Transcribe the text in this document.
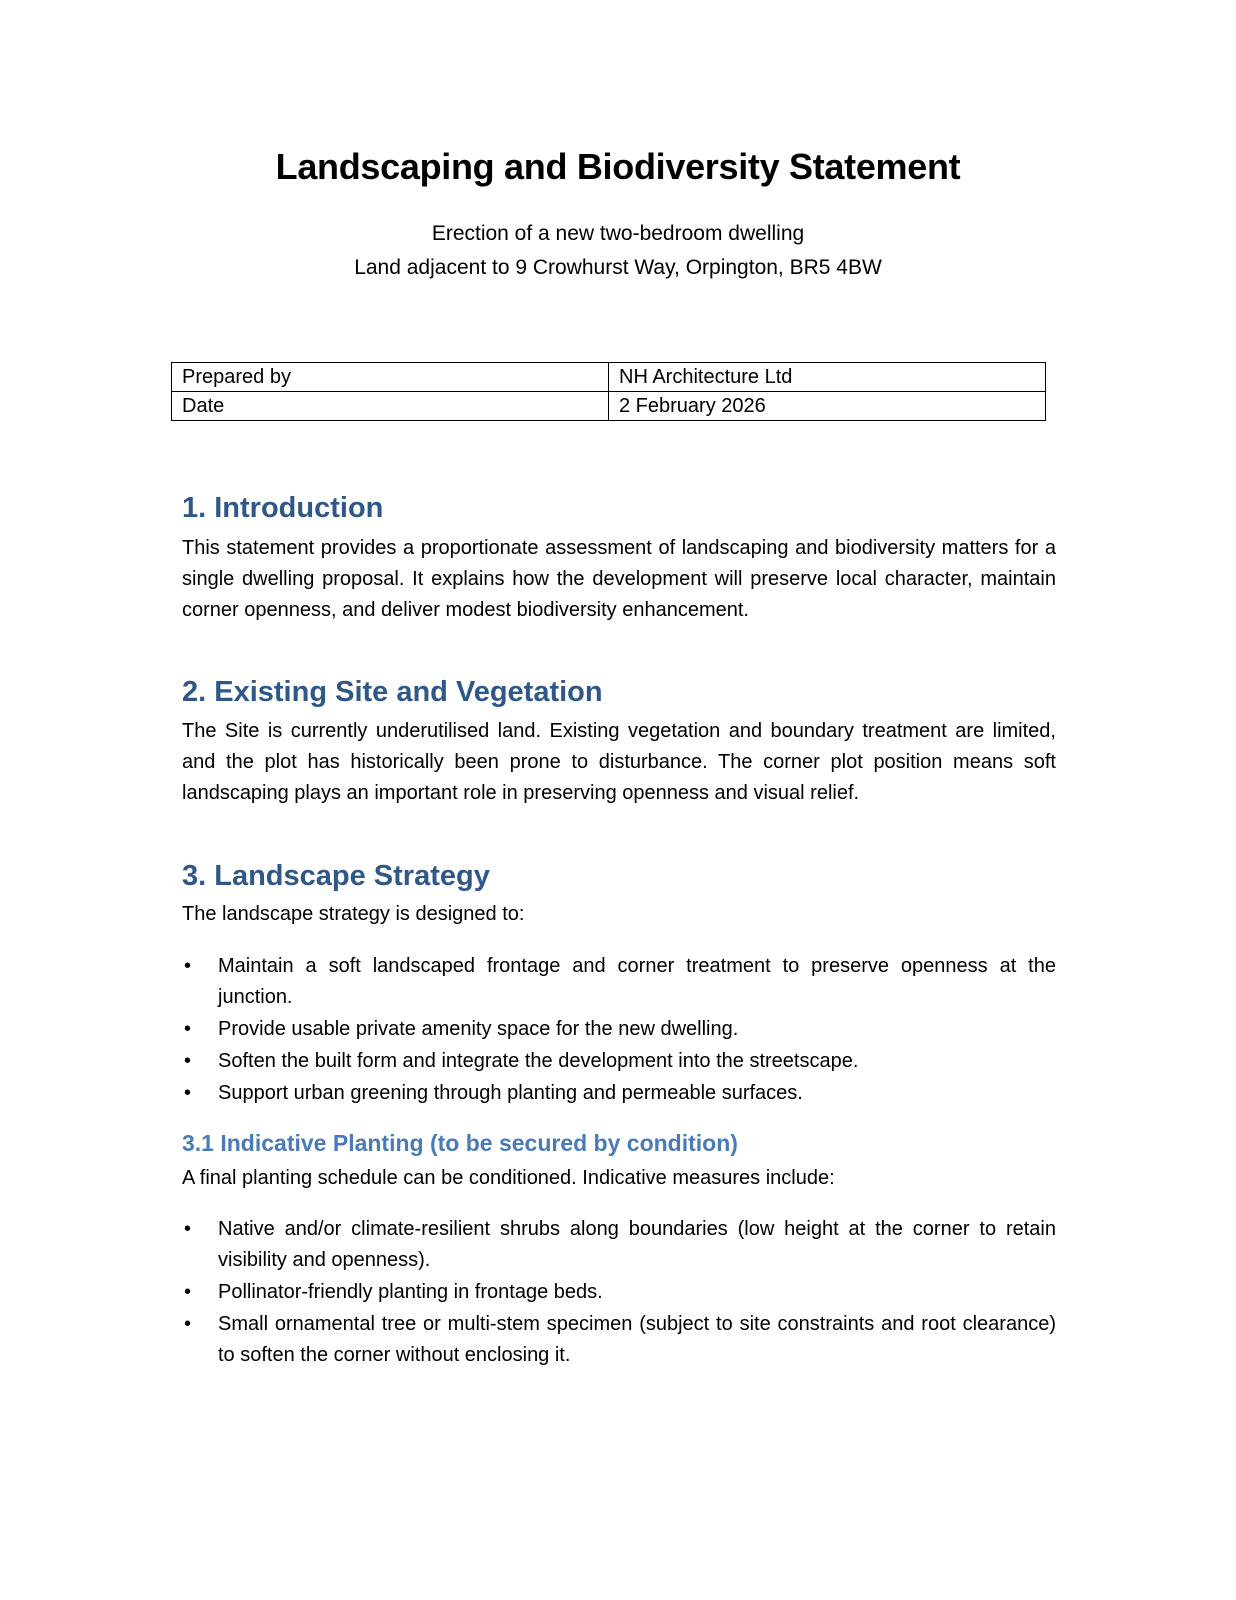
Landscaping and Biodiversity Statement
Erection of a new two-bedroom dwelling
Land adjacent to 9 Crowhurst Way, Orpington, BR5 4BW
Prepared by	NH Architecture Ltd
Date	2 February 2026
1. Introduction

This statement provides a proportionate assessment of landscaping and biodiversity matters for a single dwelling proposal. It explains how the development will preserve local character, maintain corner openness, and deliver modest biodiversity enhancement.

2. Existing Site and Vegetation

The Site is currently underutilised land. Existing vegetation and boundary treatment are limited, and the plot has historically been prone to disturbance. The corner plot position means soft landscaping plays an important role in preserving openness and visual relief.

3. Landscape Strategy

The landscape strategy is designed to:

• Maintain a soft landscaped frontage and corner treatment to preserve openness at the junction.
• Provide usable private amenity space for the new dwelling.
• Soften the built form and integrate the development into the streetscape.
• Support urban greening through planting and permeable surfaces.
3.1 Indicative Planting (to be secured by condition)

A final planting schedule can be conditioned. Indicative measures include:

• Native and/or climate-resilient shrubs along boundaries (low height at the corner to retain visibility and openness).
• Pollinator-friendly planting in frontage beds.
• Small ornamental tree or multi-stem specimen (subject to site constraints and root clearance) to soften the corner without enclosing it.
